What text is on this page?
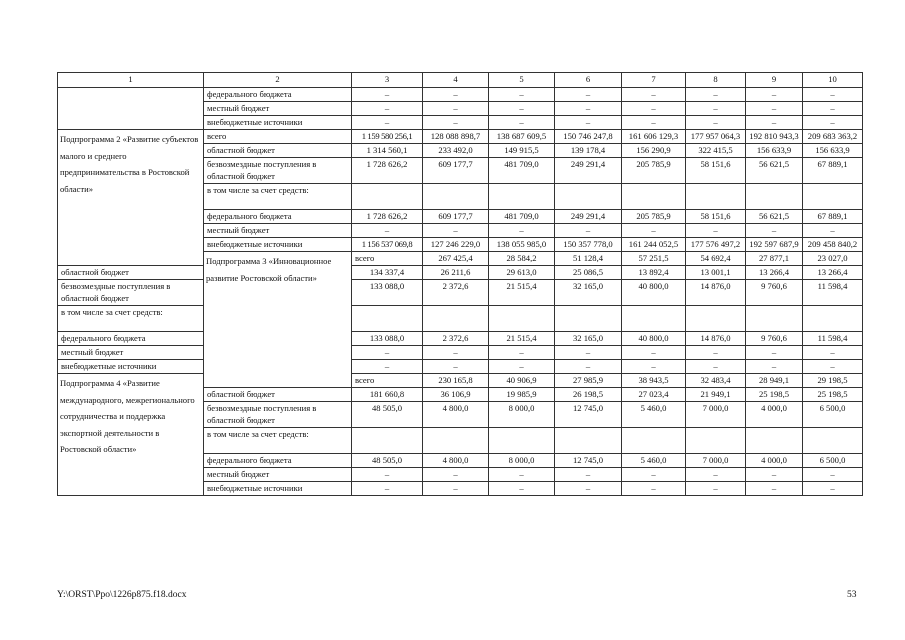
1	2	3	4	5	6	7	8	9	10	
	федерального бюджета	–	–	–	–	–	–	–	–	
	местный бюджет	–	–	–	–	–	–	–	–	
	внебюджетные источники	–	–	–	–	–	–	–	–	
Подпрограмма 2 «Развитие субъектов малого и среднего предпринимательства в Ростовской области»	всего	1 159 580 256,1	128 088 898,7	138 687 609,5	150 746 247,8	161 606 129,3	177 957 064,3	192 810 943,3	209 683 363,2	
	областной бюджет	1 314 560,1	233 492,0	149 915,5	139 178,4	156 290,9	322 415,5	156 633,9	156 633,9	
	безвозмездные поступления в областной бюджет	1 728 626,2	609 177,7	481 709,0	249 291,4	205 785,9	58 151,6	56 621,5	67 889,1	
	в том числе за счет средств:									
	федерального бюджета	1 728 626,2	609 177,7	481 709,0	249 291,4	205 785,9	58 151,6	56 621,5	67 889,1	
	местный бюджет	–	–	–	–	–	–	–	–	
	внебюджетные источники	1 156 537 069,8	127 246 229,0	138 055 985,0	150 357 778,0	161 244 052,5	177 576 497,2	192 597 687,9	209 458 840,2	
	Подпрограмма 3 «Инновационное развитие Ростовской области»	всего	267 425,4	28 584,2	51 128,4	57 251,5	54 692,4	27 877,1	23 027,0	
областной бюджет		134 337,4	26 211,6	29 613,0	25 086,5	13 892,4	13 001,1	13 266,4	13 266,4	
безвозмездные поступления в областной бюджет		133 088,0	2 372,6	21 515,4	32 165,0	40 800,0	14 876,0	9 760,6	11 598,4	
в том числе за счет средств:										
федерального бюджета		133 088,0	2 372,6	21 515,4	32 165,0	40 800,0	14 876,0	9 760,6	11 598,4	
местный бюджет		–	–	–	–	–	–	–	–	
внебюджетные источники		–	–	–	–	–	–	–	–	
Подпрограмма 4 «Развитие международного, межрегионального сотрудничества и поддержка экспортной деятельности в Ростовской области»		всего	230 165,8	40 906,9	27 985,9	38 943,5	32 483,4	28 949,1	29 198,5	
	областной бюджет	181 660,8	36 106,9	19 985,9	26 198,5	27 023,4	21 949,1	25 198,5	25 198,5	
	безвозмездные поступления в областной бюджет	48 505,0	4 800,0	8 000,0	12 745,0	5 460,0	7 000,0	4 000,0	6 500,0	
	в том числе за счет средств:									
	федерального бюджета	48 505,0	4 800,0	8 000,0	12 745,0	5 460,0	7 000,0	4 000,0	6 500,0	
	местный бюджет	–	–	–	–	–	–	–	–	
	внебюджетные источники	–	–	–	–	–	–	–	–	
Y:\ORST\Ppo\1226p875.f18.docx	53
